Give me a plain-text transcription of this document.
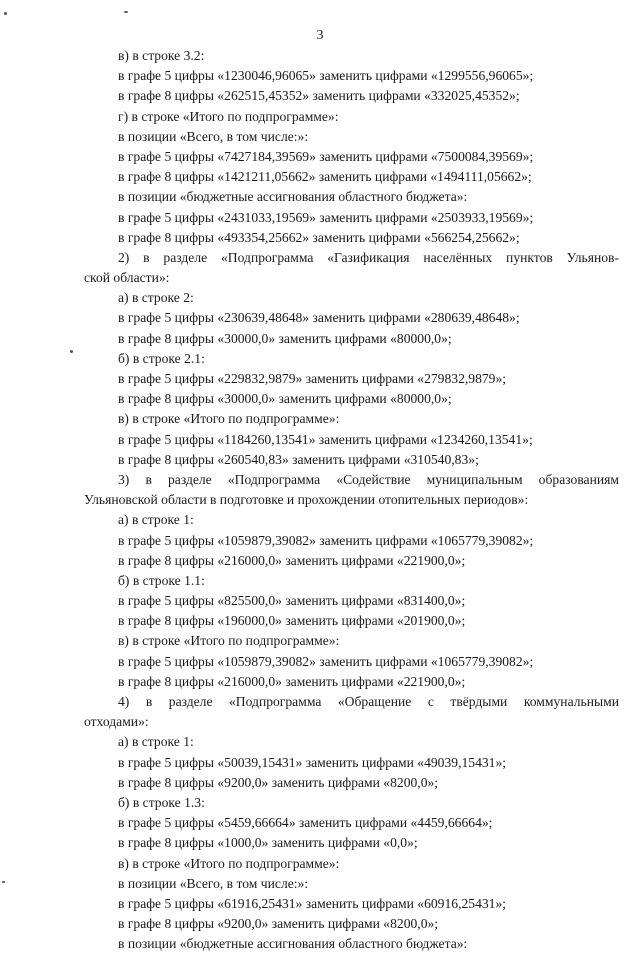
3
в) в строке 3.2:
в графе 5 цифры «1230046,96065» заменить цифрами «1299556,96065»;
в графе 8 цифры «262515,45352» заменить цифрами «332025,45352»;
г) в строке «Итого по подпрограмме»:
в позиции «Всего, в том числе:»:
в графе 5 цифры «7427184,39569» заменить цифрами «7500084,39569»;
в графе 8 цифры «1421211,05662» заменить цифрами «1494111,05662»;
в позиции «бюджетные ассигнования областного бюджета»:
в графе 5 цифры «2431033,19569» заменить цифрами «2503933,19569»;
в графе 8 цифры «493354,25662» заменить цифрами «566254,25662»;
2) в разделе «Подпрограмма «Газификация населённых пунктов Ульянов-
ской области»:
а) в строке 2:
в графе 5 цифры «230639,48648» заменить цифрами «280639,48648»;
в графе 8 цифры «30000,0» заменить цифрами «80000,0»;
б) в строке 2.1:
в графе 5 цифры «229832,9879» заменить цифрами «279832,9879»;
в графе 8 цифры «30000,0» заменить цифрами «80000,0»;
в) в строке «Итого по подпрограмме»:
в графе 5 цифры «1184260,13541» заменить цифрами «1234260,13541»;
в графе 8 цифры «260540,83» заменить цифрами «310540,83»;
3) в разделе «Подпрограмма «Содействие муниципальным образованиям
Ульяновской области в подготовке и прохождении отопительных периодов»:
а) в строке 1:
в графе 5 цифры «1059879,39082» заменить цифрами «1065779,39082»;
в графе 8 цифры «216000,0» заменить цифрами «221900,0»;
б) в строке 1.1:
в графе 5 цифры «825500,0» заменить цифрами «831400,0»;
в графе 8 цифры «196000,0» заменить цифрами «201900,0»;
в) в строке «Итого по подпрограмме»:
в графе 5 цифры «1059879,39082» заменить цифрами «1065779,39082»;
в графе 8 цифры «216000,0» заменить цифрами «221900,0»;
4) в разделе «Подпрограмма «Обращение с твёрдыми коммунальными
отходами»:
а) в строке 1:
в графе 5 цифры «50039,15431» заменить цифрами «49039,15431»;
в графе 8 цифры «9200,0» заменить цифрами «8200,0»;
б) в строке 1.3:
в графе 5 цифры «5459,66664» заменить цифрами «4459,66664»;
в графе 8 цифры «1000,0» заменить цифрами «0,0»;
в) в строке «Итого по подпрограмме»:
в позиции «Всего, в том числе:»:
в графе 5 цифры «61916,25431» заменить цифрами «60916,25431»;
в графе 8 цифры «9200,0» заменить цифрами «8200,0»;
в позиции «бюджетные ассигнования областного бюджета»:
